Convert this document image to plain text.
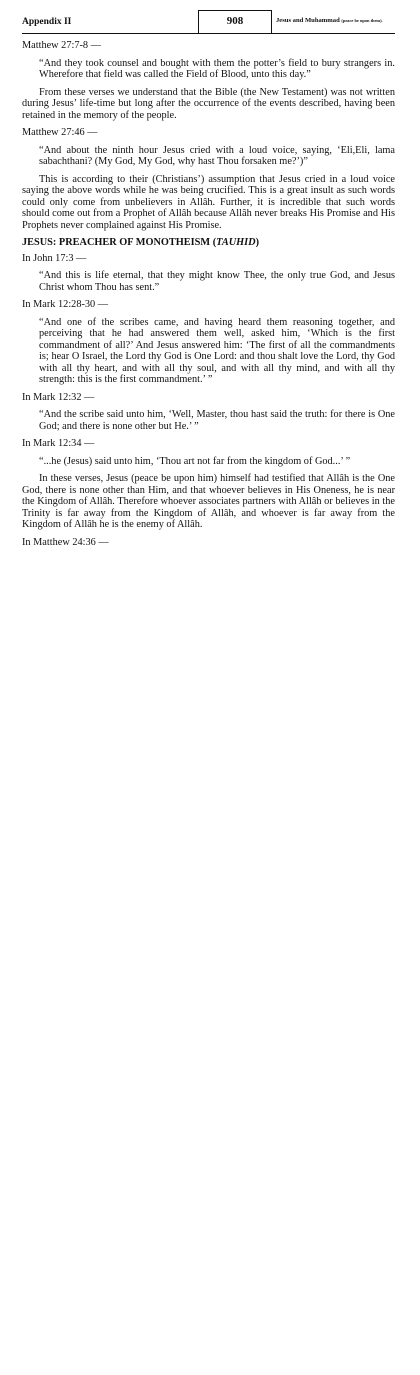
Appendix II	908	Jesus and Muhammad (peace be upon them).

Matthew 27:7-8 —

“And they took counsel and bought with them the potter’s field to bury strangers in. Wherefore that field was called the Field of Blood, unto this day.”

From these verses we understand that the Bible (the New Testament) was not written during Jesus’ life-time but long after the occurrence of the events described, having been retained in the memory of the people.

Matthew 27:46 —

“And about the ninth hour Jesus cried with a loud voice, saying, ‘Eli,Eli, lama sabachthani? (My God, My God, why hast Thou forsaken me?’)”

This is according to their (Christians’) assumption that Jesus cried in a loud voice saying the above words while he was being crucified. This is a great insult as such words could only come from unbelievers in Allâh. Further, it is incredible that such words should come out from a Prophet of Allâh because Allâh never breaks His Promise and His Prophets never complained against His Promise.

JESUS: PREACHER OF MONOTHEISM (TAUHID)

In John 17:3 —

“And this is life eternal, that they might know Thee, the only true God, and Jesus Christ whom Thou has sent.”

In Mark 12:28-30 —

“And one of the scribes came, and having heard them reasoning together, and perceiving that he had answered them well, asked him, ‘Which is the first commandment of all?’ And Jesus answered him: ‘The first of all the commandments is; hear O Israel, the Lord thy God is One Lord: and thou shalt love the Lord, thy God with all thy heart, and with all thy soul, and with all thy mind, and with all thy strength: this is the first commandment.’ ”

In Mark 12:32 —

“And the scribe said unto him, ‘Well, Master, thou hast said the truth: for there is One God; and there is none other but He.’ ”

In Mark 12:34 —

“...he (Jesus) said unto him, ‘Thou art not far from the kingdom of God...’ ”

In these verses, Jesus (peace be upon him) himself had testified that Allâh is the One God, there is none other than Him, and that whoever believes in His Oneness, he is near the Kingdom of Allâh. Therefore whoever associates partners with Allâh or believes in the Trinity is far away from the Kingdom of Allâh, and whoever is far away from the Kingdom of Allâh he is the enemy of Allâh.

In Matthew 24:36 —
